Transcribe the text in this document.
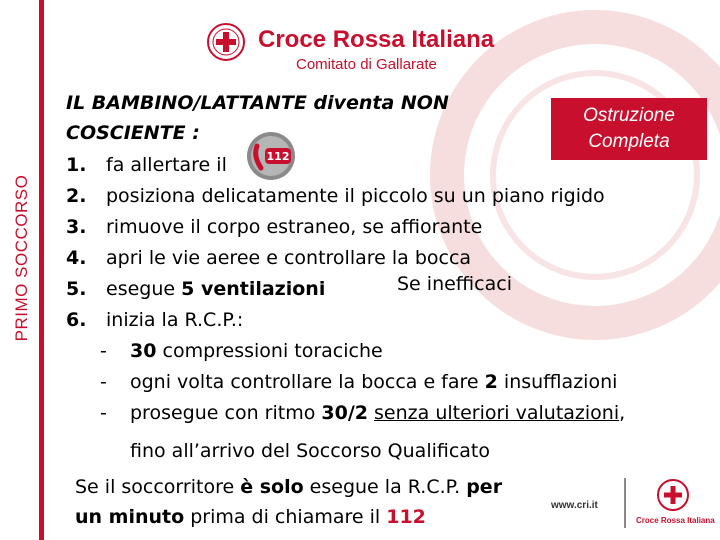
PRIMO SOCCORSO
Croce Rossa Italiana
Comitato di Gallarate
IL BAMBINO/LATTANTE diventa NON
COSCIENTE :
Ostruzione
Completa
112
1. fa allertare il
2. posiziona delicatamente il piccolo su un piano rigido
3. rimuove il corpo estraneo, se affiorante
4. apri le vie aeree e controllare la bocca
5. esegue 5 ventilazioni
6. inizia la R.C.P.:
Se inefficaci
- 30 compressioni toraciche
- ogni volta controllare la bocca e fare 2 insufflazioni
- prosegue con ritmo 30/2 senza ulteriori valutazioni,
fino all’arrivo del Soccorso Qualificato
Se il soccorritore è solo esegue la R.C.P. per
un minuto prima di chiamare il 112
www.cri.it
Croce Rossa Italiana
